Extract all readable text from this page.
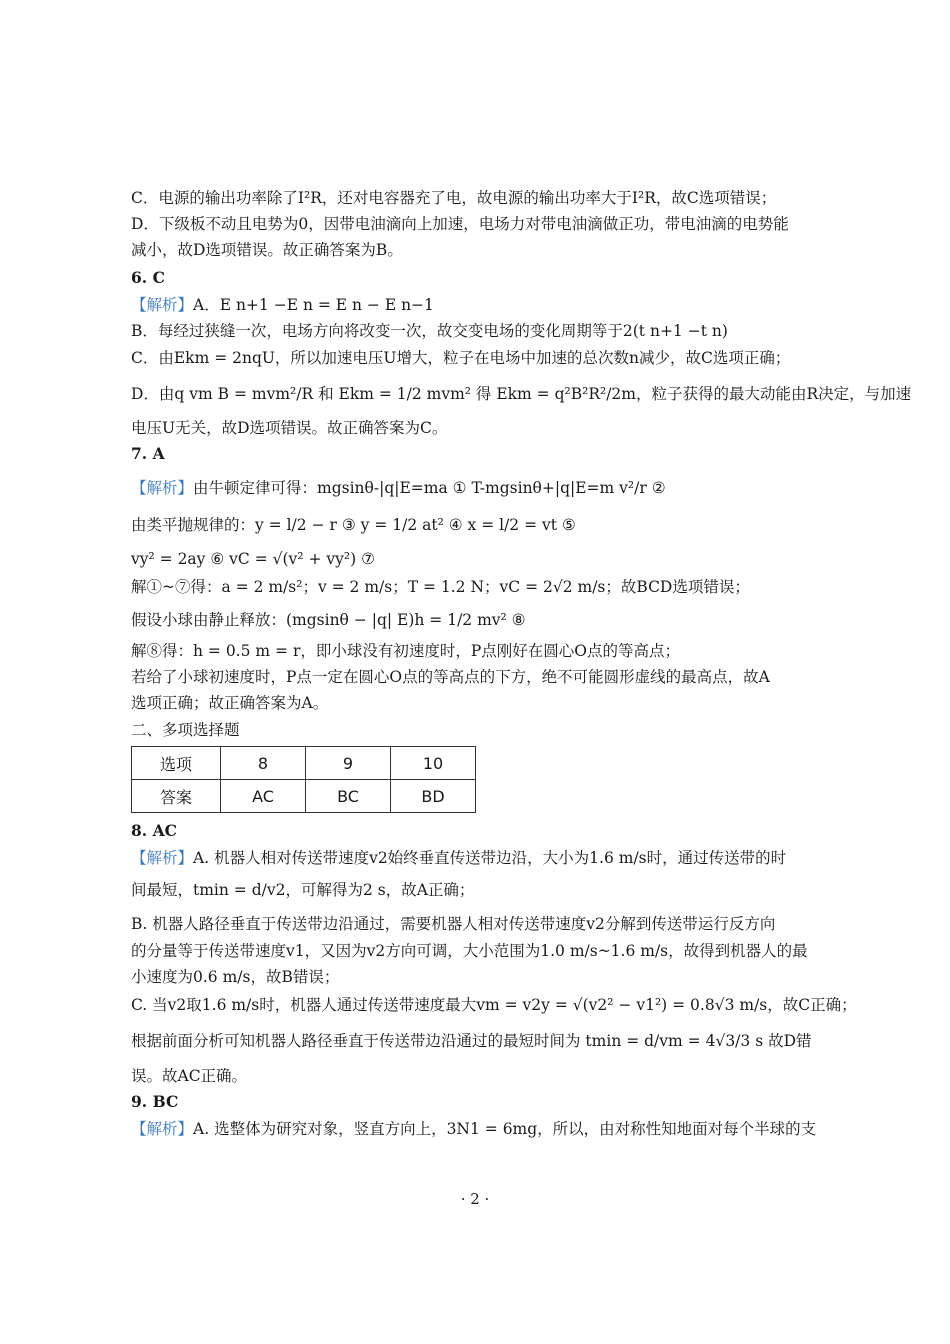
C．电源的输出功率除了I²R，还对电容器充了电，故电源的输出功率大于I²R，故C选项错误；
D．下级板不动且电势为0，因带电油滴向上加速，电场力对带电油滴做正功，带电油滴的电势能
减小，故D选项错误。故正确答案为B。
6. C
【解析】A．E n+1 −E n = E n − E n−1
B．每经过狭缝一次，电场方向将改变一次，故交变电场的变化周期等于2(t n+1 −t n)
C．由Ekm = 2nqU，所以加速电压U增大，粒子在电场中加速的总次数n减少，故C选项正确；
D．由q vm B = mvm²/R 和 Ekm = 1/2 mvm² 得 Ekm = q²B²R²/2m，粒子获得的最大动能由R决定，与加速
电压U无关，故D选项错误。故正确答案为C。
7. A
【解析】由牛顿定律可得：mgsinθ-|q|E=ma ① T-mgsinθ+|q|E=m v²/r ②
由类平抛规律的：y = l/2 − r ③ y = 1/2 at² ④ x = l/2 = vt ⑤
vy² = 2ay ⑥ vC = √(v² + vy²) ⑦
解①~⑦得：a = 2 m/s²；v = 2 m/s；T = 1.2 N；vC = 2√2 m/s；故BCD选项错误；
假设小球由静止释放：(mgsinθ − |q| E)h = 1/2 mv² ⑧
解⑧得：h = 0.5 m = r，即小球没有初速度时，P点刚好在圆心O点的等高点；
若给了小球初速度时，P点一定在圆心O点的等高点的下方，绝不可能圆形虚线的最高点，故A
选项正确；故正确答案为A。
二、多项选择题
选项	8	9	10
答案	AC	BC	BD
8. AC
【解析】A. 机器人相对传送带速度v2始终垂直传送带边沿，大小为1.6 m/s时，通过传送带的时
间最短，tmin = d/v2，可解得为2 s，故A正确；
B. 机器人路径垂直于传送带边沿通过，需要机器人相对传送带速度v2分解到传送带运行反方向
的分量等于传送带速度v1，又因为v2方向可调，大小范围为1.0 m/s~1.6 m/s，故得到机器人的最
小速度为0.6 m/s，故B错误；
C. 当v2取1.6 m/s时，机器人通过传送带速度最大vm = v2y = √(v2² − v1²) = 0.8√3 m/s，故C正确；
根据前面分析可知机器人路径垂直于传送带边沿通过的最短时间为 tmin = d/vm = 4√3/3 s 故D错
误。故AC正确。
9. BC
【解析】A. 选整体为研究对象，竖直方向上，3N1 = 6mg，所以，由对称性知地面对每个半球的支
· 2 ·
